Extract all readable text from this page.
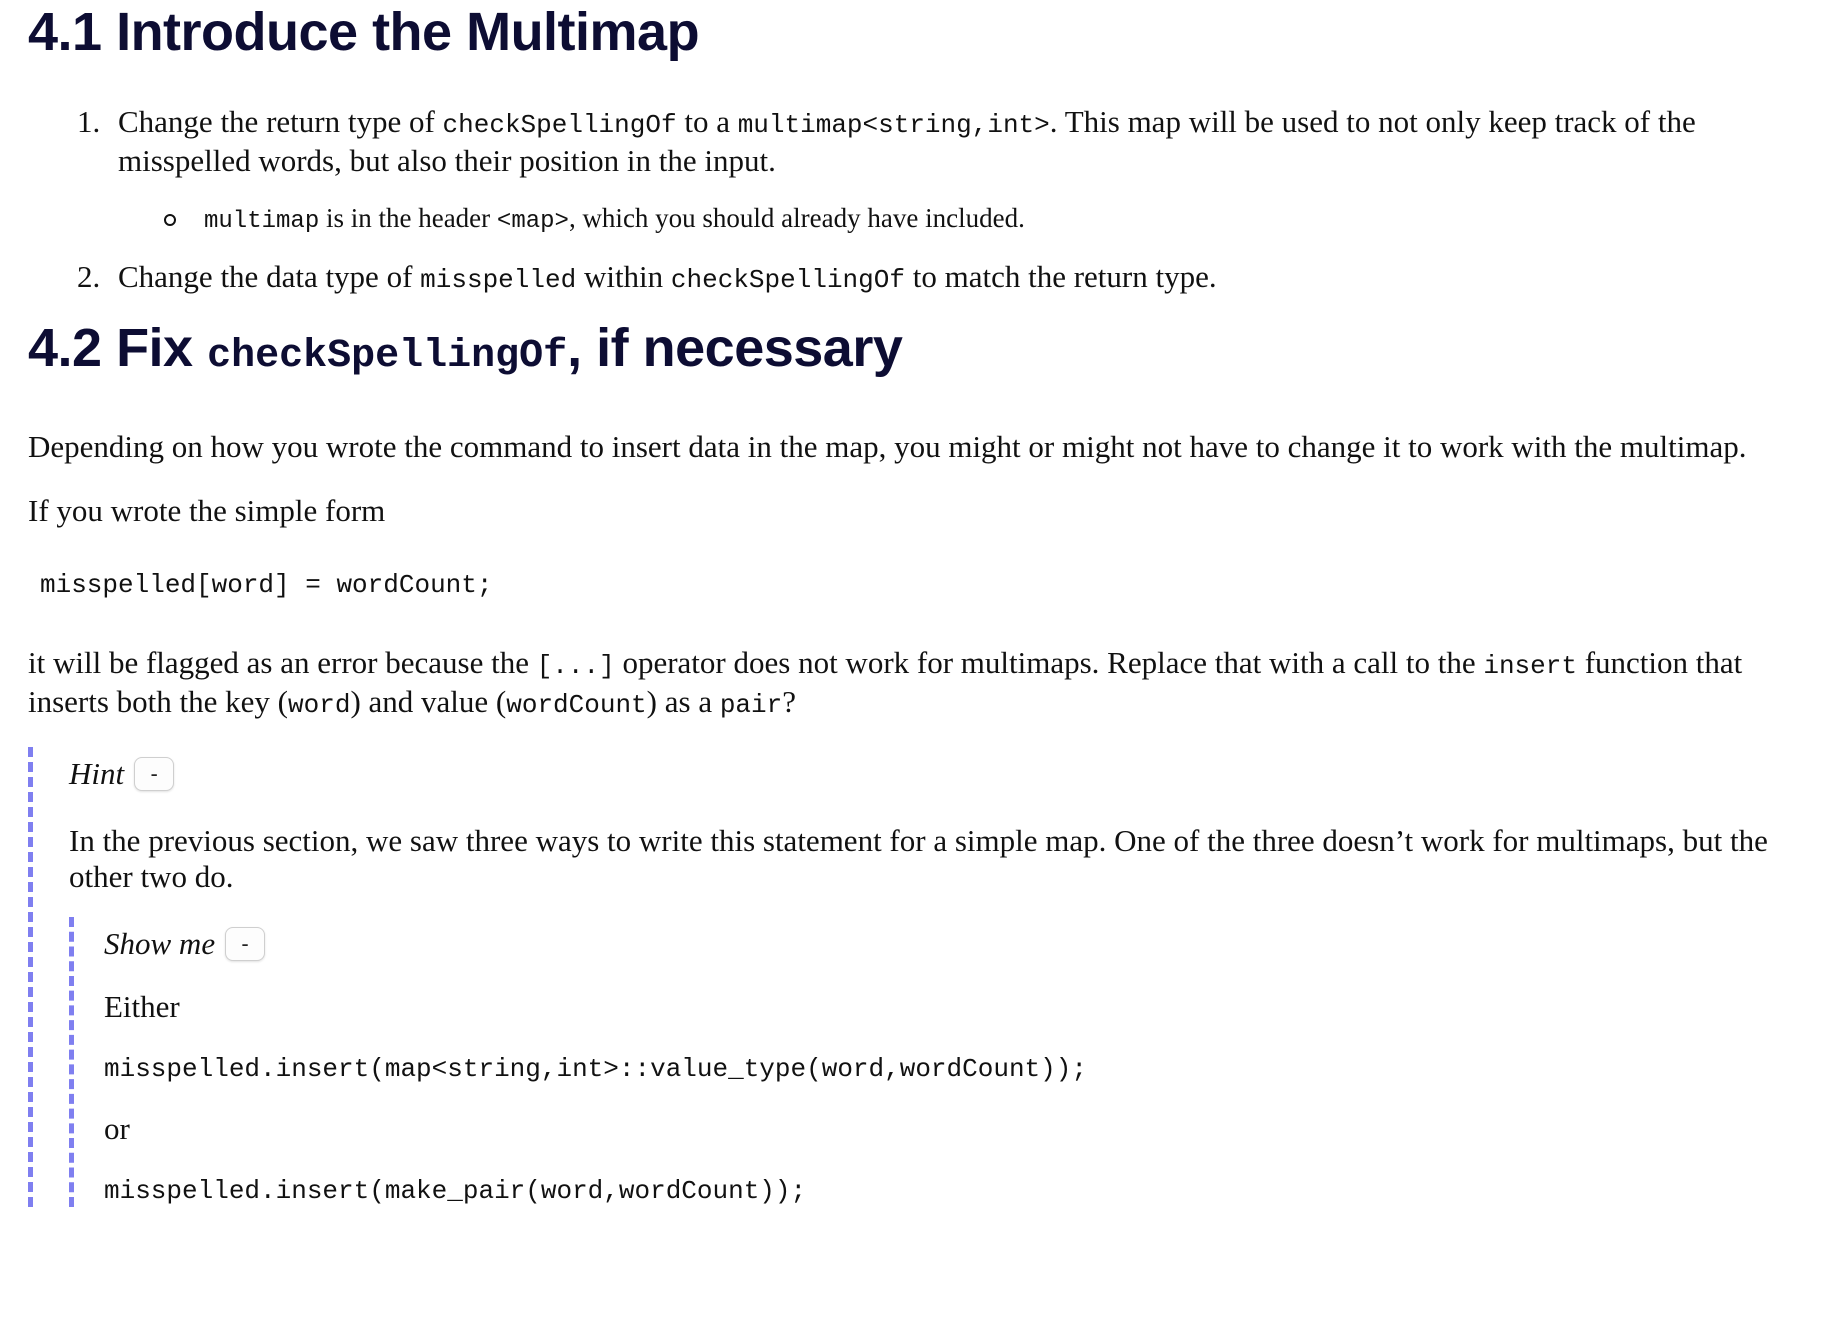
4.1 Introduce the Multimap
1. Change the return type of checkSpellingOf to a multimap<string,int>. This map will be used to not only keep track of the misspelled words, but also their position in the input.
multimap is in the header <map>, which you should already have included.
2. Change the data type of misspelled within checkSpellingOf to match the return type.
4.2 Fix checkSpellingOf, if necessary

Depending on how you wrote the command to insert data in the map, you might or might not have to change it to work with the multimap.

If you wrote the simple form

misspelled[word] = wordCount;

it will be flagged as an error because the [...] operator does not work for multimaps. Replace that with a call to the insert function that inserts both the key (word) and value (wordCount) as a pair?

Hint	-

In the previous section, we saw three ways to write this statement for a simple map. One of the three doesn’t work for multimaps, but the other two do.

Show me	-

Either

misspelled.insert(map<string,int>::value_type(word,wordCount));

or

misspelled.insert(make_pair(word,wordCount));
